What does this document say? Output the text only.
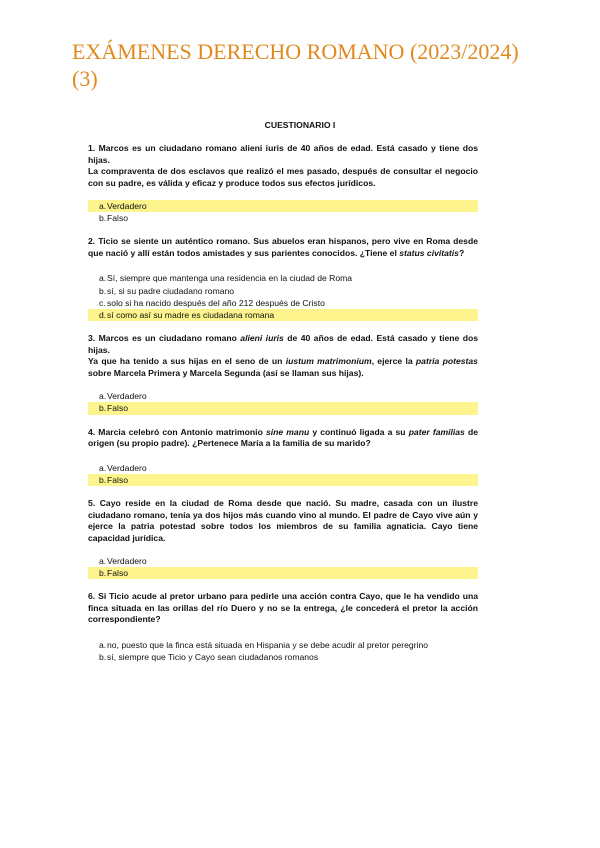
EXÁMENES DERECHO ROMANO (2023/2024) (3)
CUESTIONARIO I

1. Marcos es un ciudadano romano alieni iuris de 40 años de edad. Está casado y tiene dos hijas.
La compraventa de dos esclavos que realizó el mes pasado, después de consultar el negocio con su padre, es válida y eficaz y produce todos sus efectos jurídicos.

a. Verdadero
b. Falso

2. Ticio se siente un auténtico romano. Sus abuelos eran hispanos, pero vive en Roma desde que nació y allí están todos amistades y sus parientes conocidos. ¿Tiene el status civitatis?

a. Sí, siempre que mantenga una residencia en la ciudad de Roma
b. sí, si su padre ciudadano romano
c. solo si ha nacido después del año 212 después de Cristo
d. sí como así su madre es ciudadana romana

3. Marcos es un ciudadano romano alieni iuris de 40 años de edad. Está casado y tiene dos hijas.
Ya que ha tenido a sus hijas en el seno de un iustum matrimonium, ejerce la patria potestas sobre Marcela Primera y Marcela Segunda (así se llaman sus hijas).

a. Verdadero
b. Falso

4. Marcia celebró con Antonio matrimonio sine manu y continuó ligada a su pater familias de origen (su propio padre). ¿Pertenece María a la familia de su marido?

a. Verdadero
b. Falso

5. Cayo reside en la ciudad de Roma desde que nació. Su madre, casada con un ilustre ciudadano romano, tenía ya dos hijos más cuando vino al mundo. El padre de Cayo vive aún y ejerce la patria potestad sobre todos los miembros de su familia agnaticia. Cayo tiene capacidad jurídica.

a. Verdadero
b. Falso

6. Si Ticio acude al pretor urbano para pedirle una acción contra Cayo, que le ha vendido una finca situada en las orillas del río Duero y no se la entrega, ¿le concederá el pretor la acción correspondiente?

a. no, puesto que la finca está situada en Hispania y se debe acudir al pretor peregrino
b. sí, siempre que Ticio y Cayo sean ciudadanos romanos
